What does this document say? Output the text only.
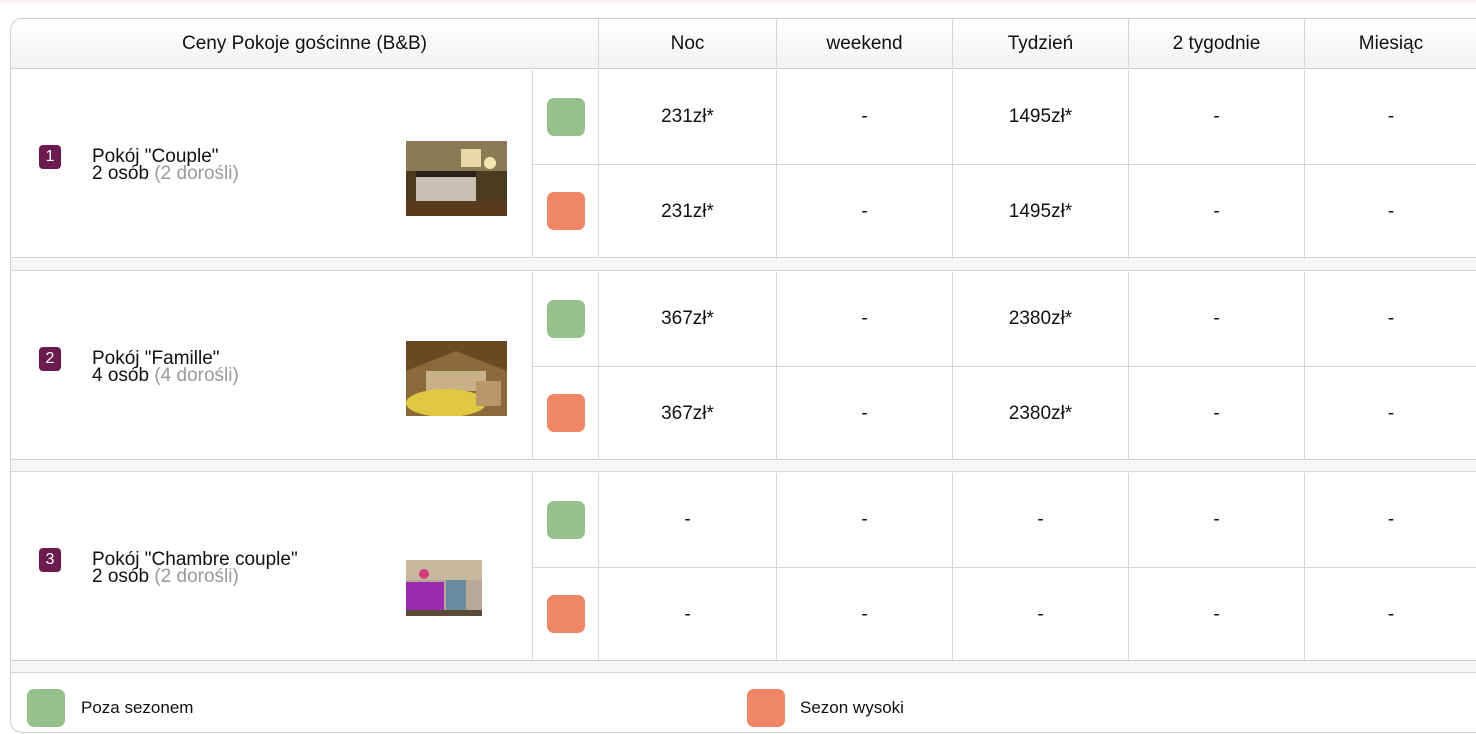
Ceny Pokoje gościnne (B&B)	Noc	weekend	Tydzień	2 tygodnie	Miesiąc
1	Pokój "Couple"
2 osób (2 dorośli)
231zł*	-	1495zł*	-	-
231zł*	-	1495zł*	-	-
2	Pokój "Famille"
4 osób (4 dorośli)
367zł*	-	2380zł*	-	-
367zł*	-	2380zł*	-	-
3	Pokój "Chambre couple"
2 osób (2 dorośli)
-	-	-	-	-
-	-	-	-	-
Poza sezonem	Sezon wysoki
